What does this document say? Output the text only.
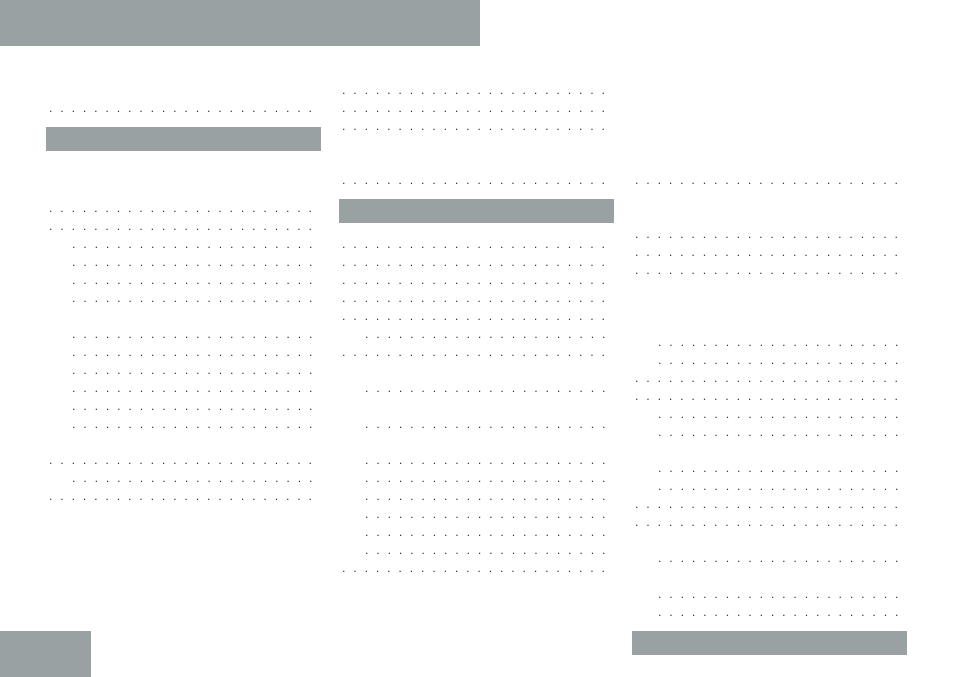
. . .
. . .
. . .
. . .
. . .
. . .
. . .
. . .
. . .
. . .
. . .
. . .
. . .
. . .
. . .
. . .
. . .
. . .
. . .
. . .
. . .
. . .
. . .
. . .
. . .
. . .
. . .
. . .
. . .
. . .
. . .
. . .
. . .
. . .
. . .
. . .
. . .
. . .
. . .
. . .
. . .
. . .
. . .
. . .
. . .
. . .
. . .
. . .
. . .
. . .
. . .
. . .
. . .
